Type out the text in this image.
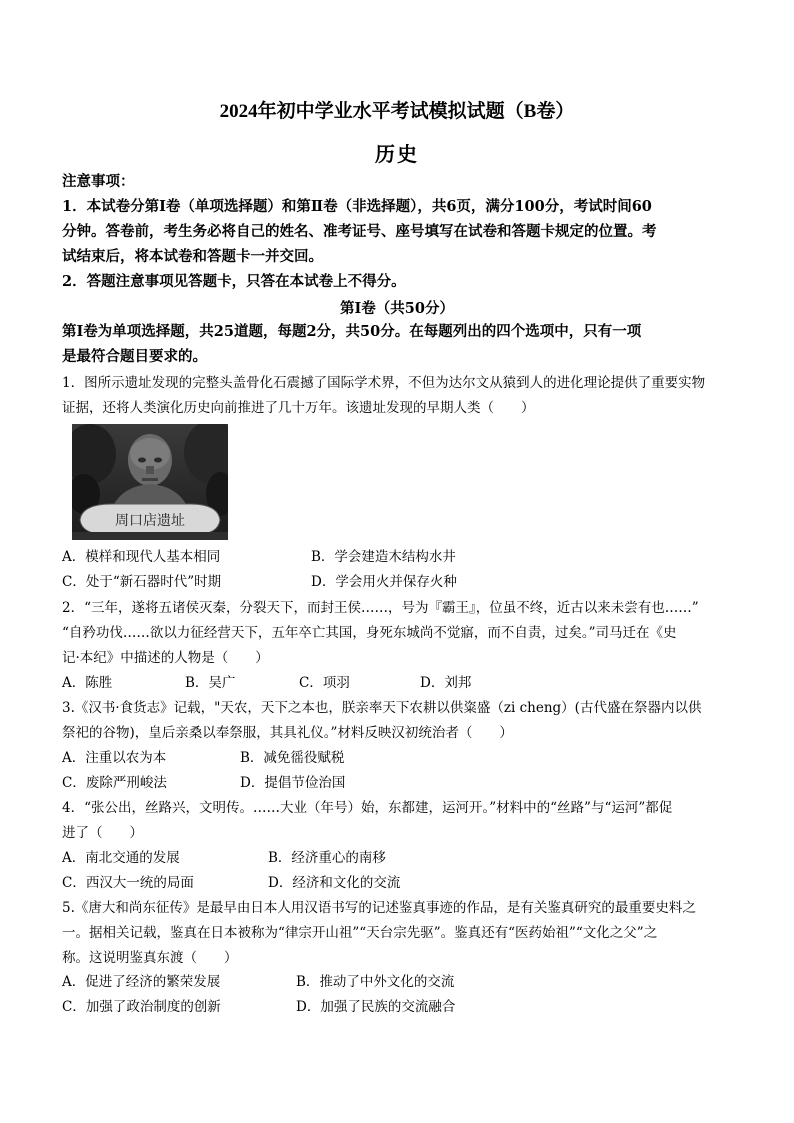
2024年初中学业水平考试模拟试题（B卷）
历史
注意事项：
1．本试卷分第Ⅰ卷（单项选择题）和第Ⅱ卷（非选择题），共6页，满分100分，考试时间60
分钟。答卷前，考生务必将自己的姓名、准考证号、座号填写在试卷和答题卡规定的位置。考
试结束后，将本试卷和答题卡一并交回。
2．答题注意事项见答题卡，只答在本试卷上不得分。
第Ⅰ卷（共50分）
第Ⅰ卷为单项选择题，共25道题，每题2分，共50分。在每题列出的四个选项中，只有一项
是最符合题目要求的。
1．图所示遗址发现的完整头盖骨化石震撼了国际学术界，不但为达尔文从猿到人的进化理论提供了重要实物
证据，还将人类演化历史向前推进了几十万年。该遗址发现的早期人类（　　）
周口店遗址
A．模样和现代人基本相同	B．学会建造木结构水井
C．处于“新石器时代”时期	D．学会用火并保存火种
2．“三年，遂将五诸侯灭秦，分裂天下，而封王侯……，号为『霸王』，位虽不终，近古以来未尝有也……”
“自矜功伐……欲以力征经营天下，五年卒亡其国，身死东城尚不觉寤，而不自责，过矣。”司马迁在《史
记·本纪》中描述的人物是（　　）
A．陈胜	B．吴广	C．项羽	D．刘邦
3.《汉书·食货志》记载，"天农，天下之本也，朕亲率天下农耕以供粢盛（zi cheng）(古代盛在祭器内以供
祭祀的谷物)，皇后亲桑以奉祭服，其具礼仪。”材料反映汉初统治者（　　）
A．注重以农为本	B．减免徭役赋税
C．废除严刑峻法	D．提倡节俭治国
4．“张公出，丝路兴，文明传。……大业（年号）始，东都建，运河开。”材料中的“丝路”与“运河”都促
进了（　　）
A．南北交通的发展	B．经济重心的南移
C．西汉大一统的局面	D．经济和文化的交流
5.《唐大和尚东征传》是最早由日本人用汉语书写的记述鉴真事迹的作品，是有关鉴真研究的最重要史料之
一。据相关记载，鉴真在日本被称为“律宗开山祖”“天台宗先驱”。鉴真还有“医药始祖”“文化之父”之
称。这说明鉴真东渡（　　）
A．促进了经济的繁荣发展	B．推动了中外文化的交流
C．加强了政治制度的创新	D．加强了民族的交流融合
